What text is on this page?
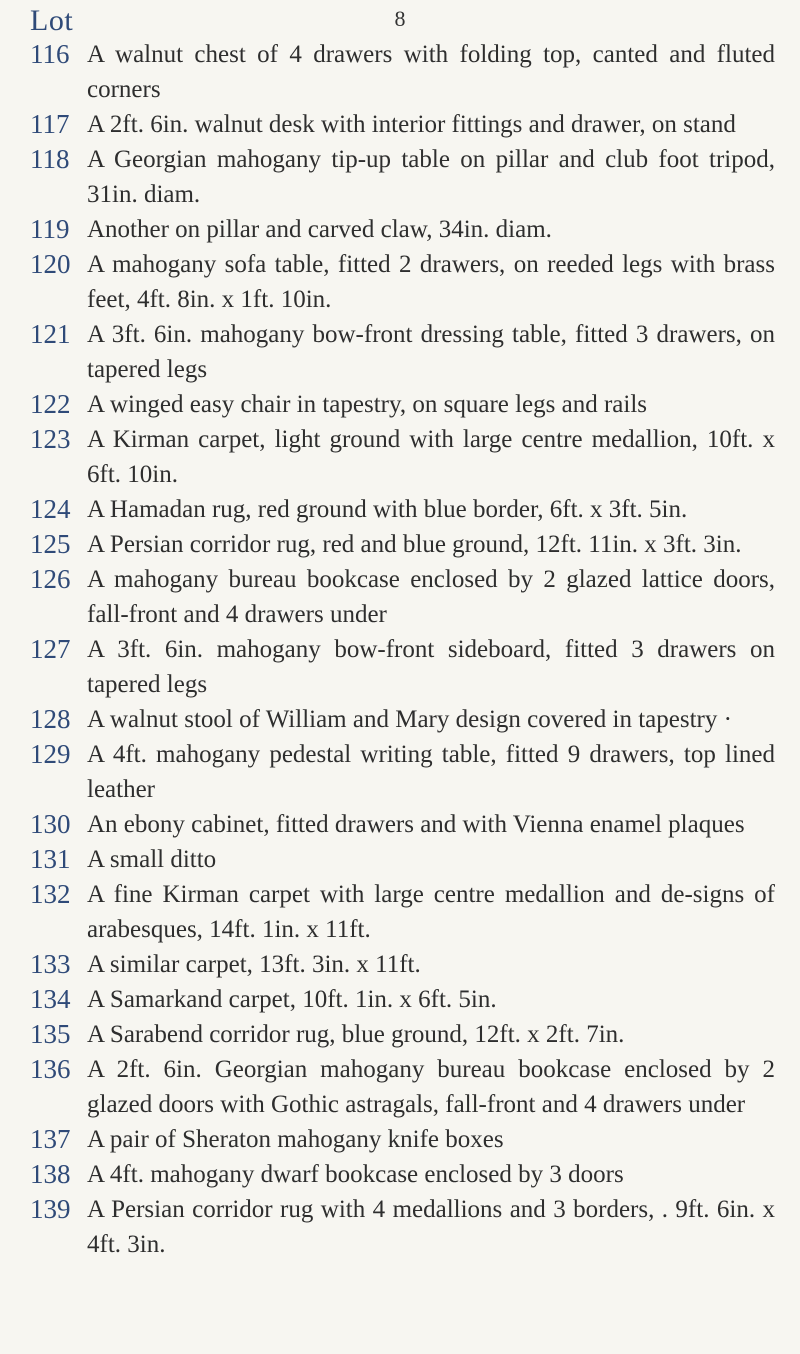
8
Lot
116 A walnut chest of 4 drawers with folding top, canted and fluted corners
117 A 2ft. 6in. walnut desk with interior fittings and drawer, on stand
118 A Georgian mahogany tip-up table on pillar and club foot tripod, 31in. diam.
119 Another on pillar and carved claw, 34in. diam.
120 A mahogany sofa table, fitted 2 drawers, on reeded legs with brass feet, 4ft. 8in. x 1ft. 10in.
121 A 3ft. 6in. mahogany bow-front dressing table, fitted 3 drawers, on tapered legs
122 A winged easy chair in tapestry, on square legs and rails
123 A Kirman carpet, light ground with large centre medallion, 10ft. x 6ft. 10in.
124 A Hamadan rug, red ground with blue border, 6ft. x 3ft. 5in.
125 A Persian corridor rug, red and blue ground, 12ft. 11in. x 3ft. 3in.
126 A mahogany bureau bookcase enclosed by 2 glazed lattice doors, fall-front and 4 drawers under
127 A 3ft. 6in. mahogany bow-front sideboard, fitted 3 drawers on tapered legs
128 A walnut stool of William and Mary design covered in tapestry ·
129 A 4ft. mahogany pedestal writing table, fitted 9 drawers, top lined leather
130 An ebony cabinet, fitted drawers and with Vienna enamel plaques
131 A small ditto
132 A fine Kirman carpet with large centre medallion and de-signs of arabesques, 14ft. 1in. x 11ft.
133 A similar carpet, 13ft. 3in. x 11ft.
134 A Samarkand carpet, 10ft. 1in. x 6ft. 5in.
135 A Sarabend corridor rug, blue ground, 12ft. x 2ft. 7in.
136 A 2ft. 6in. Georgian mahogany bureau bookcase enclosed by 2 glazed doors with Gothic astragals, fall-front and 4 drawers under
137 A pair of Sheraton mahogany knife boxes
138 A 4ft. mahogany dwarf bookcase enclosed by 3 doors
139 A Persian corridor rug with 4 medallions and 3 borders, . 9ft. 6in. x 4ft. 3in.
